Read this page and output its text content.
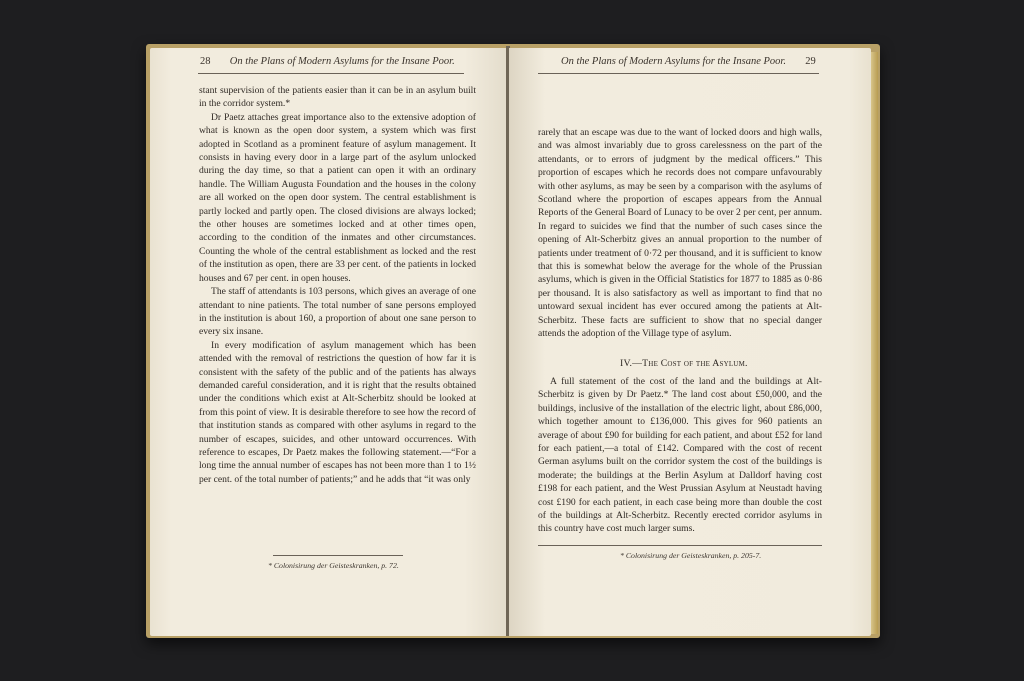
28 On the Plans of Modern Asylums for the Insane Poor.

stant supervision of the patients easier than it can be in an asylum built in the corridor system.*

Dr Paetz attaches great importance also to the extensive adoption of what is known as the open door system, a system which was first adopted in Scotland as a prominent feature of asylum management. It consists in having every door in a large part of the asylum unlocked during the day time, so that a patient can open it with an ordinary handle. The William Augusta Foundation and the houses in the colony are all worked on the open door system. The central establishment is partly locked and partly open. The closed divisions are always locked; the other houses are sometimes locked and at other times open, according to the condition of the inmates and other circumstances. Counting the whole of the central establishment as locked and the rest of the institution as open, there are 33 per cent. of the patients in locked houses and 67 per cent. in open houses.

The staff of attendants is 103 persons, which gives an average of one attendant to nine patients. The total number of sane persons employed in the institution is about 160, a proportion of about one sane person to every six insane.

In every modification of asylum management which has been attended with the removal of restrictions the question of how far it is consistent with the safety of the public and of the patients has always demanded careful consideration, and it is right that the results obtained under the conditions which exist at Alt-Scherbitz should be looked at from this point of view. It is desirable therefore to see how the record of that institution stands as compared with other asylums in regard to the number of escapes, suicides, and other untoward occurrences. With reference to escapes, Dr Paetz makes the following statement.—“For a long time the annual number of escapes has not been more than 1 to 1½ per cent. of the total number of patients;” and he adds that “it was only

* Colonisirung der Geisteskranken, p. 72.
On the Plans of Modern Asylums for the Insane Poor. 29

rarely that an escape was due to the want of locked doors and high walls, and was almost invariably due to gross carelessness on the part of the attendants, or to errors of judgment by the medical officers.” This proportion of escapes which he records does not compare unfavourably with other asylums, as may be seen by a comparison with the asylums of Scotland where the proportion of escapes appears from the Annual Reports of the General Board of Lunacy to be over 2 per cent, per annum. In regard to suicides we find that the number of such cases since the opening of Alt-Scherbitz gives an annual proportion to the number of patients under treatment of 0·72 per thousand, and it is sufficient to know that this is somewhat below the average for the whole of the Prussian asylums, which is given in the Official Statistics for 1877 to 1885 as 0·86 per thousand. It is also satisfactory as well as important to find that no untoward sexual incident has ever occured among the patients at Alt-Scherbitz. These facts are sufficient to show that no special danger attends the adoption of the Village type of asylum.

IV.—The Cost of the Asylum.

A full statement of the cost of the land and the buildings at Alt-Scherbitz is given by Dr Paetz.* The land cost about £50,000, and the buildings, inclusive of the installation of the electric light, about £86,000, which together amount to £136,000. This gives for 960 patients an average of about £90 for building for each patient, and about £52 for land for each patient,—a total of £142. Compared with the cost of recent German asylums built on the corridor system the cost of the buildings is moderate; the buildings at the Berlin Asylum at Dalldorf having cost £198 for each patient, and the West Prussian Asylum at Neustadt having cost £190 for each patient, in each case being more than double the cost of the buildings at Alt-Scherbitz. Recently erected corridor asylums in this country have cost much larger sums.

* Colonisirung der Geisteskranken, p. 205-7.
